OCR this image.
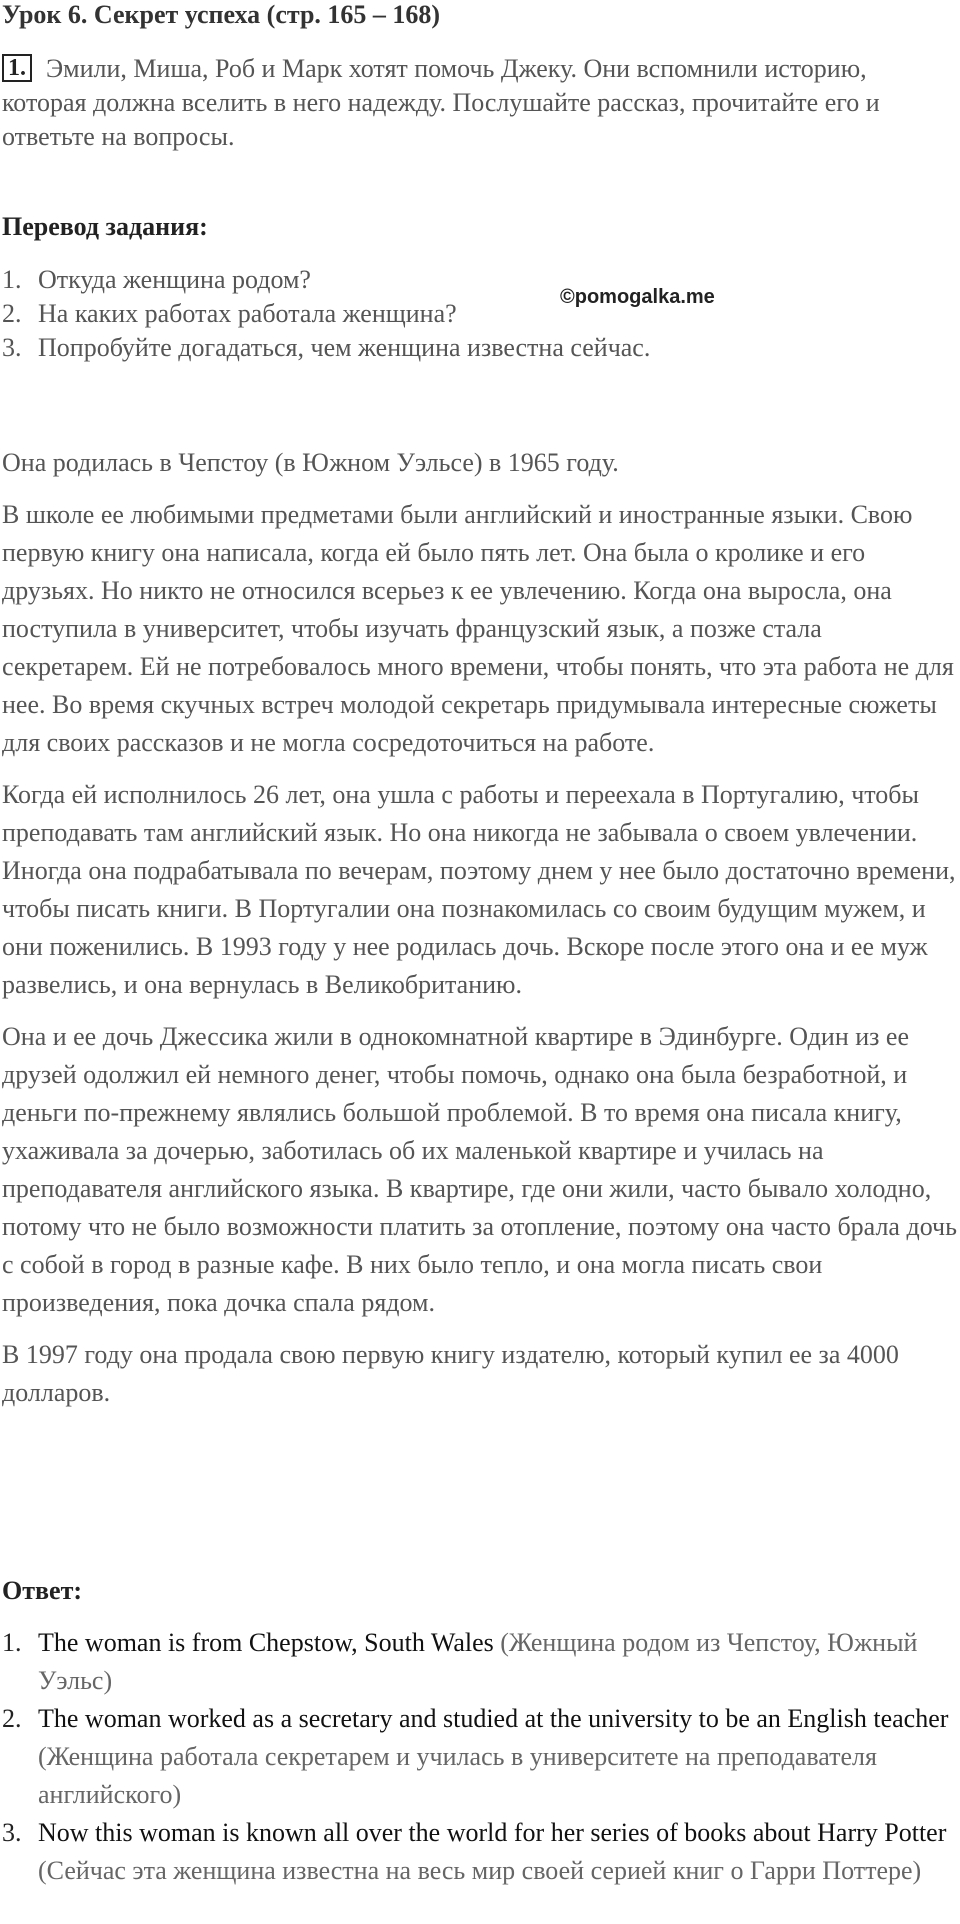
Урок 6. Секрет успеха (стр. 165 – 168)
1. Эмили, Миша, Роб и Марк хотят помочь Джеку. Они вспомнили историю, которая должна вселить в него надежду. Послушайте рассказ, прочитайте его и ответьте на вопросы.
Перевод задания:
1. Откуда женщина родом?
2. На каких работах работала женщина?
3. Попробуйте догадаться, чем женщина известна сейчас.
©pomogalka.me

Она родилась в Чепстоу (в Южном Уэльсе) в 1965 году.

В школе ее любимыми предметами были английский и иностранные языки. Свою первую книгу она написала, когда ей было пять лет. Она была о кролике и его друзьях. Но никто не относился всерьез к ее увлечению. Когда она выросла, она поступила в университет, чтобы изучать французский язык, а позже стала секретарем. Ей не потребовалось много времени, чтобы понять, что эта работа не для нее. Во время скучных встреч молодой секретарь придумывала интересные сюжеты для своих рассказов и не могла сосредоточиться на работе.

Когда ей исполнилось 26 лет, она ушла с работы и переехала в Португалию, чтобы преподавать там английский язык. Но она никогда не забывала о своем увлечении. Иногда она подрабатывала по вечерам, поэтому днем у нее было достаточно времени, чтобы писать книги. В Португалии она познакомилась со своим будущим мужем, и они поженились. В 1993 году у нее родилась дочь. Вскоре после этого она и ее муж развелись, и она вернулась в Великобританию.

Она и ее дочь Джессика жили в однокомнатной квартире в Эдинбурге. Один из ее друзей одолжил ей немного денег, чтобы помочь, однако она была безработной, и деньги по-прежнему являлись большой проблемой. В то время она писала книгу, ухаживала за дочерью, заботилась об их маленькой квартире и училась на преподавателя английского языка. В квартире, где они жили, часто бывало холодно, потому что не было возможности платить за отопление, поэтому она часто брала дочь с собой в город в разные кафе. В них было тепло, и она могла писать свои произведения, пока дочка спала рядом.

В 1997 году она продала свою первую книгу издателю, который купил ее за 4000 долларов.

Ответ:
1. The woman is from Chepstow, South Wales (Женщина родом из Чепстоу, Южный Уэльс)
2. The woman worked as a secretary and studied at the university to be an English teacher (Женщина работала секретарем и училась в университете на преподавателя английского)
3. Now this woman is known all over the world for her series of books about Harry Potter (Сейчас эта женщина известна на весь мир своей серией книг о Гарри Поттере)
